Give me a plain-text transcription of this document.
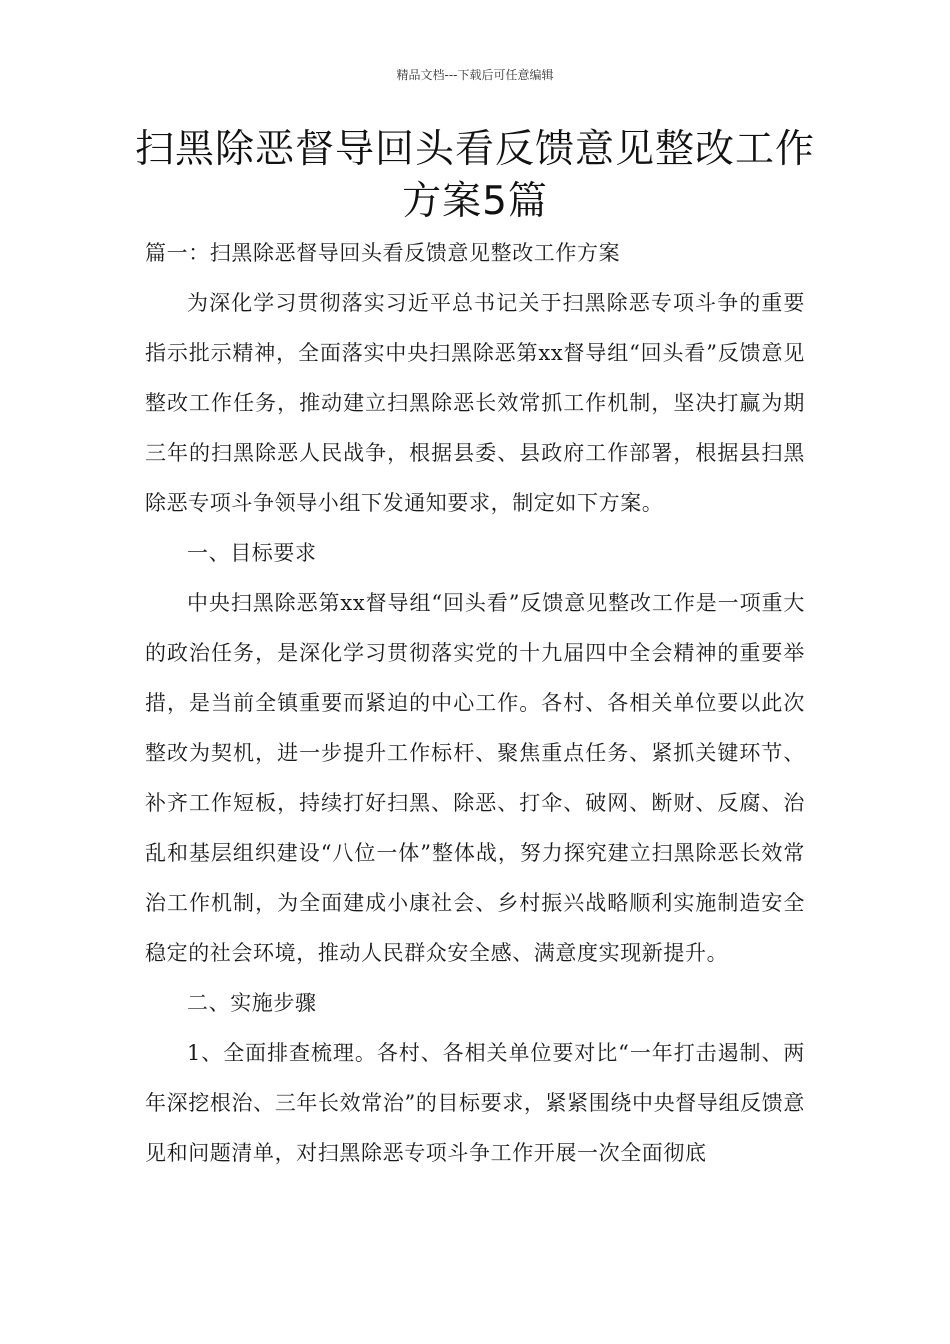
精品文档---下载后可任意编辑
扫黑除恶督导回头看反馈意见整改工作方案5篇

篇一：扫黑除恶督导回头看反馈意见整改工作方案

为深化学习贯彻落实习近平总书记关于扫黑除恶专项斗争的重要指示批示精神，全面落实中央扫黑除恶第xx督导组“回头看”反馈意见整改工作任务，推动建立扫黑除恶长效常抓工作机制，坚决打赢为期三年的扫黑除恶人民战争，根据县委、县政府工作部署，根据县扫黑除恶专项斗争领导小组下发通知要求，制定如下方案。

一、目标要求

中央扫黑除恶第xx督导组“回头看”反馈意见整改工作是一项重大的政治任务，是深化学习贯彻落实党的十九届四中全会精神的重要举措，是当前全镇重要而紧迫的中心工作。各村、各相关单位要以此次整改为契机，进一步提升工作标杆、聚焦重点任务、紧抓关键环节、补齐工作短板，持续打好扫黑、除恶、打伞、破网、断财、反腐、治乱和基层组织建设“八位一体”整体战，努力探究建立扫黑除恶长效常治工作机制，为全面建成小康社会、乡村振兴战略顺利实施制造安全稳定的社会环境，推动人民群众安全感、满意度实现新提升。

二、实施步骤

1、全面排查梳理。各村、各相关单位要对比“一年打击遏制、两年深挖根治、三年长效常治”的目标要求，紧紧围绕中央督导组反馈意见和问题清单，对扫黑除恶专项斗争工作开展一次全面彻底
